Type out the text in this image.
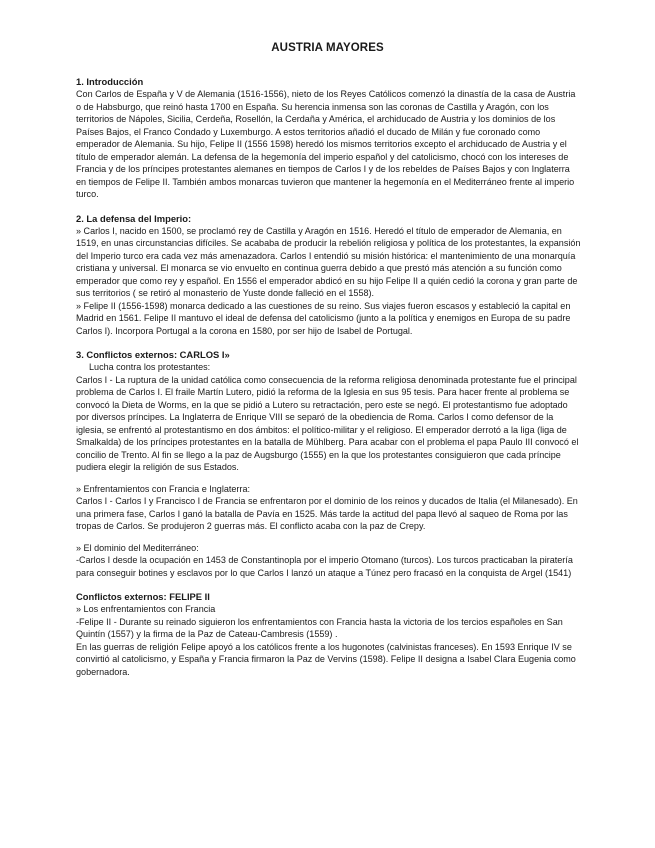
AUSTRIA MAYORES

1. Introducción

Con Carlos de España y V de Alemania (1516-1556), nieto de los Reyes Católicos comenzó la dinastía de la casa de Austria o de Habsburgo, que reinó hasta 1700 en España. Su herencia inmensa son las coronas de Castilla y Aragón, con los territorios de Nápoles, Sicilia, Cerdeña, Rosellón, la Cerdaña y América, el archiducado de Austria y los dominios de los Países Bajos, el Franco Condado y Luxemburgo. A estos territorios añadió el ducado de Milán y fue coronado como emperador de Alemania. Su hijo, Felipe II (1556 1598) heredó los mismos territorios excepto el archiducado de Austria y el título de emperador alemán. La defensa de la hegemonía del imperio español y del catolicismo, chocó con los intereses de Francia y de los príncipes protestantes alemanes en tiempos de Carlos I y de los rebeldes de Países Bajos y con Inglaterra en tiempos de Felipe II. También ambos monarcas tuvieron que mantener la hegemonía en el Mediterráneo frente al imperio turco.

2. La defensa del Imperio:

» Carlos I, nacido en 1500, se proclamó rey de Castilla y Aragón en 1516. Heredó el título de emperador de Alemania, en 1519, en unas circunstancias difíciles. Se acababa de producir la rebelión religiosa y política de los protestantes, la expansión del Imperio turco era cada vez más amenazadora. Carlos I entendió su misión histórica: el mantenimiento de una monarquía cristiana y universal. El monarca se vio envuelto en continua guerra debido a que prestó más atención a su función como emperador que como rey y español. En 1556 el emperador abdicó en su hijo Felipe II a quién cedió la corona y gran parte de sus territorios ( se retiró al monasterio de Yuste donde falleció en el 1558).

» Felipe II (1556-1598) monarca dedicado a las cuestiones de su reino. Sus viajes fueron escasos y estableció la capital en Madrid en 1561. Felipe II mantuvo el ideal de defensa del catolicismo (junto a la política y enemigos en Europa de su padre Carlos I). Incorpora Portugal a la corona en 1580, por ser hijo de Isabel de Portugal.

3. Conflictos externos: CARLOS I»

Lucha contra los protestantes:

Carlos I - La ruptura de la unidad católica como consecuencia de la reforma religiosa denominada protestante fue el principal problema de Carlos I. El fraile Martín Lutero, pidió la reforma de la Iglesia en sus 95 tesis. Para hacer frente al problema se convocó la Dieta de Worms, en la que se pidió a Lutero su retractación, pero este se negó. El protestantismo fue adoptado por diversos príncipes. La Inglaterra de Enrique VIII se separó de la obediencia de Roma. Carlos I como defensor de la iglesia, se enfrentó al protestantismo en dos ámbitos: el político-militar y el religioso. El emperador derrotó a la liga (liga de Smalkalda) de los príncipes protestantes en la batalla de Mühlberg. Para acabar con el problema el papa Paulo III convocó el concilio de Trento. Al fin se llego a la paz de Augsburgo (1555) en la que los protestantes consiguieron que cada príncipe pudiera elegir la religión de sus Estados.

» Enfrentamientos con Francia e Inglaterra:

Carlos I - Carlos I y Francisco I de Francia se enfrentaron por el dominio de los reinos y ducados de Italia (el Milanesado). En una primera fase, Carlos I ganó la batalla de Pavía en 1525. Más tarde la actitud del papa llevó al saqueo de Roma por las tropas de Carlos. Se produjeron 2 guerras más. El conflicto acaba con la paz de Crepy.

» El dominio del Mediterráneo:

-Carlos I desde la ocupación en 1453 de Constantinopla por el imperio Otomano (turcos). Los turcos practicaban la piratería para conseguir botines y esclavos por lo que Carlos I lanzó un ataque a Túnez pero fracasó en la conquista de Argel (1541)

Conflictos externos: FELIPE II

» Los enfrentamientos con Francia

-Felipe II - Durante su reinado siguieron los enfrentamientos con Francia hasta la victoria de los tercios españoles en San Quintín (1557) y la firma de la Paz de Cateau-Cambresis (1559) .

En las guerras de religión Felipe apoyó a los católicos frente a los hugonotes (calvinistas franceses). En 1593 Enrique IV se convirtió al catolicismo, y España y Francia firmaron la Paz de Vervins (1598). Felipe II designa a Isabel Clara Eugenia como gobernadora.
